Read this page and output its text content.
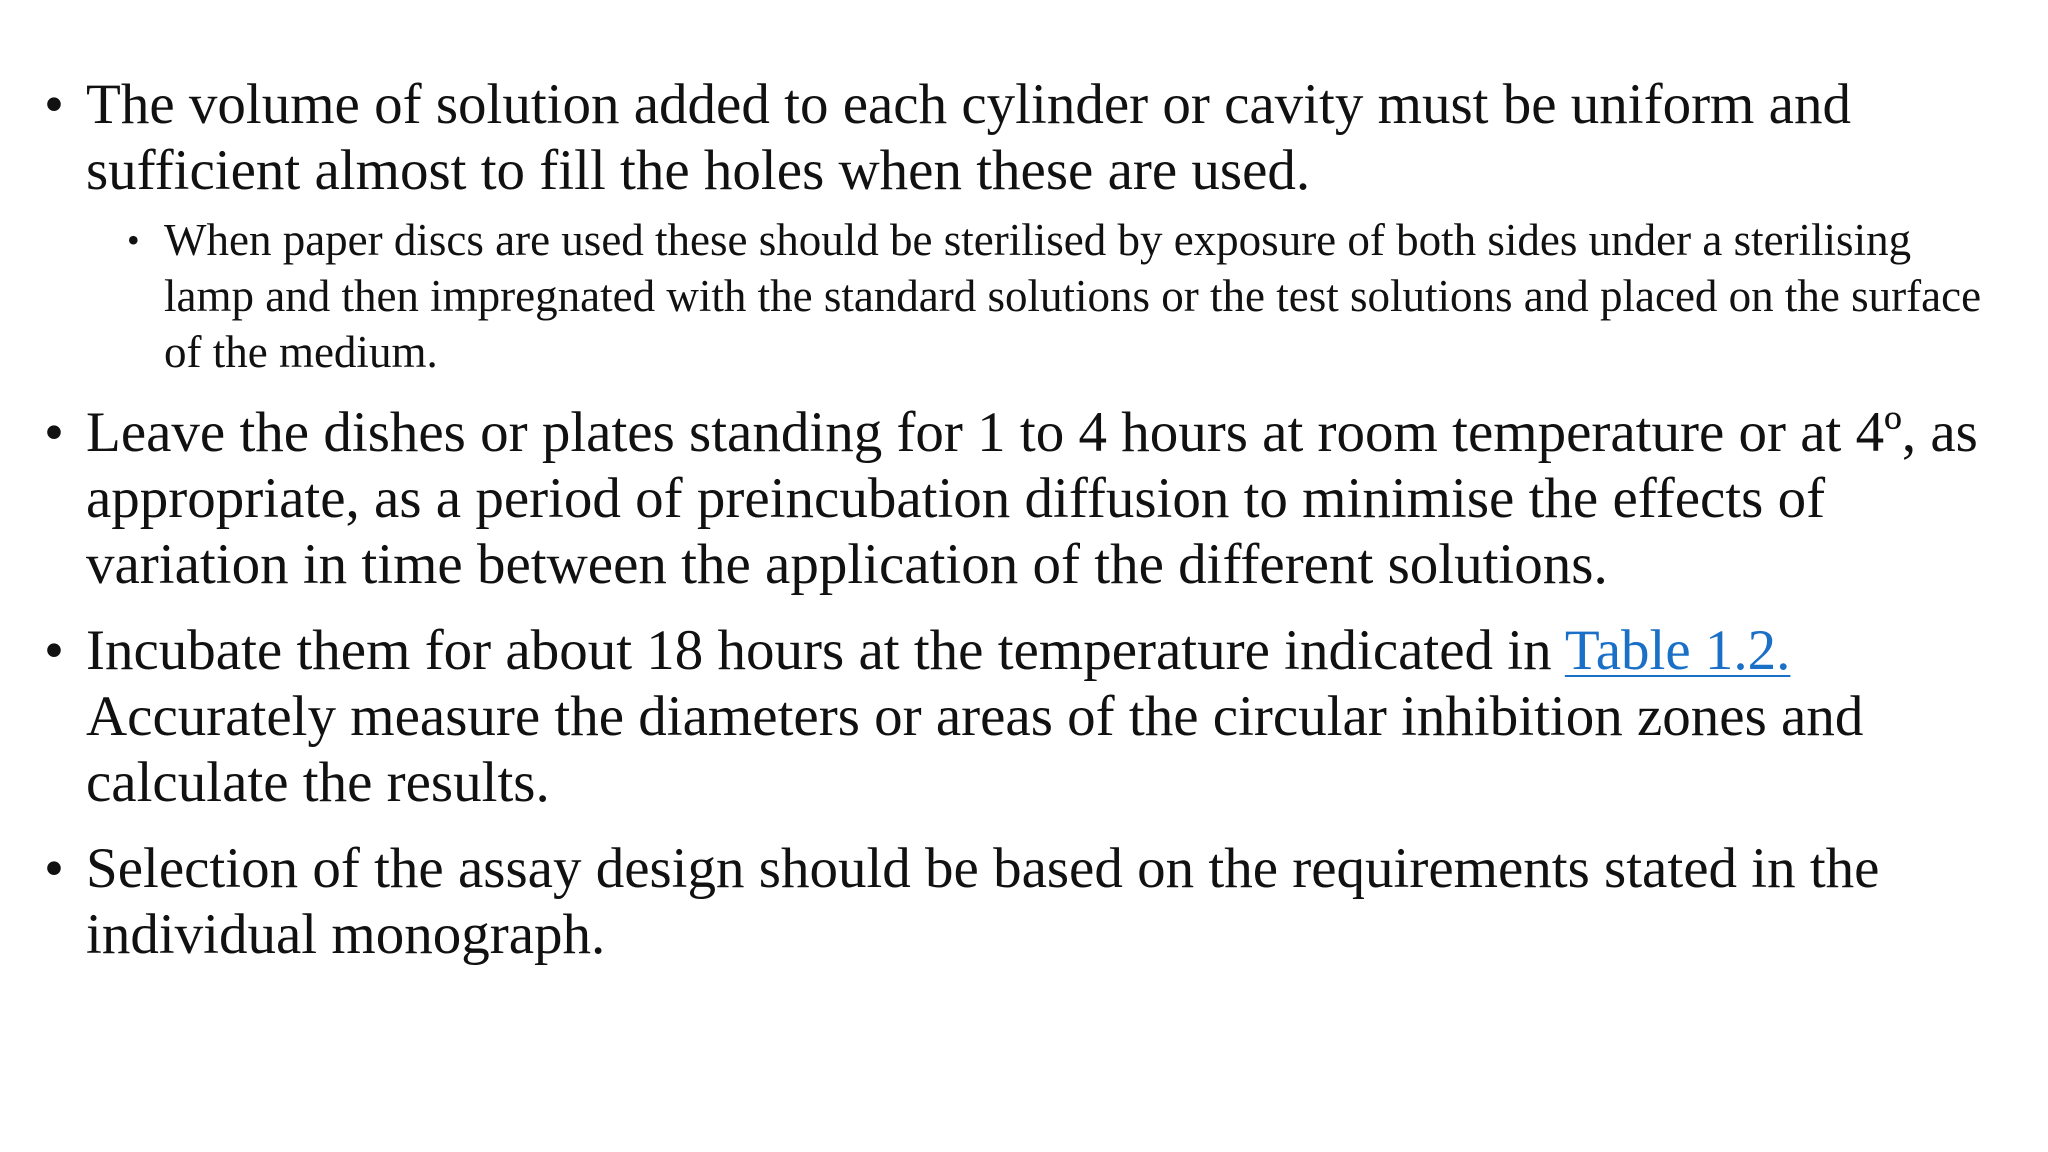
• The volume of solution added to each cylinder or cavity must be uniform and sufficient almost to fill the holes when these are used.
• When paper discs are used these should be sterilised by exposure of both sides under a sterilising lamp and then impregnated with the standard solutions or the test solutions and placed on the surface of the medium.
• Leave the dishes or plates standing for 1 to 4 hours at room temperature or at 4º, as appropriate, as a period of preincubation diffusion to minimise the effects of variation in time between the application of the different solutions.
• Incubate them for about 18 hours at the temperature indicated in Table 1.2. Accurately measure the diameters or areas of the circular inhibition zones and calculate the results.
• Selection of the assay design should be based on the requirements stated in the individual monograph.
